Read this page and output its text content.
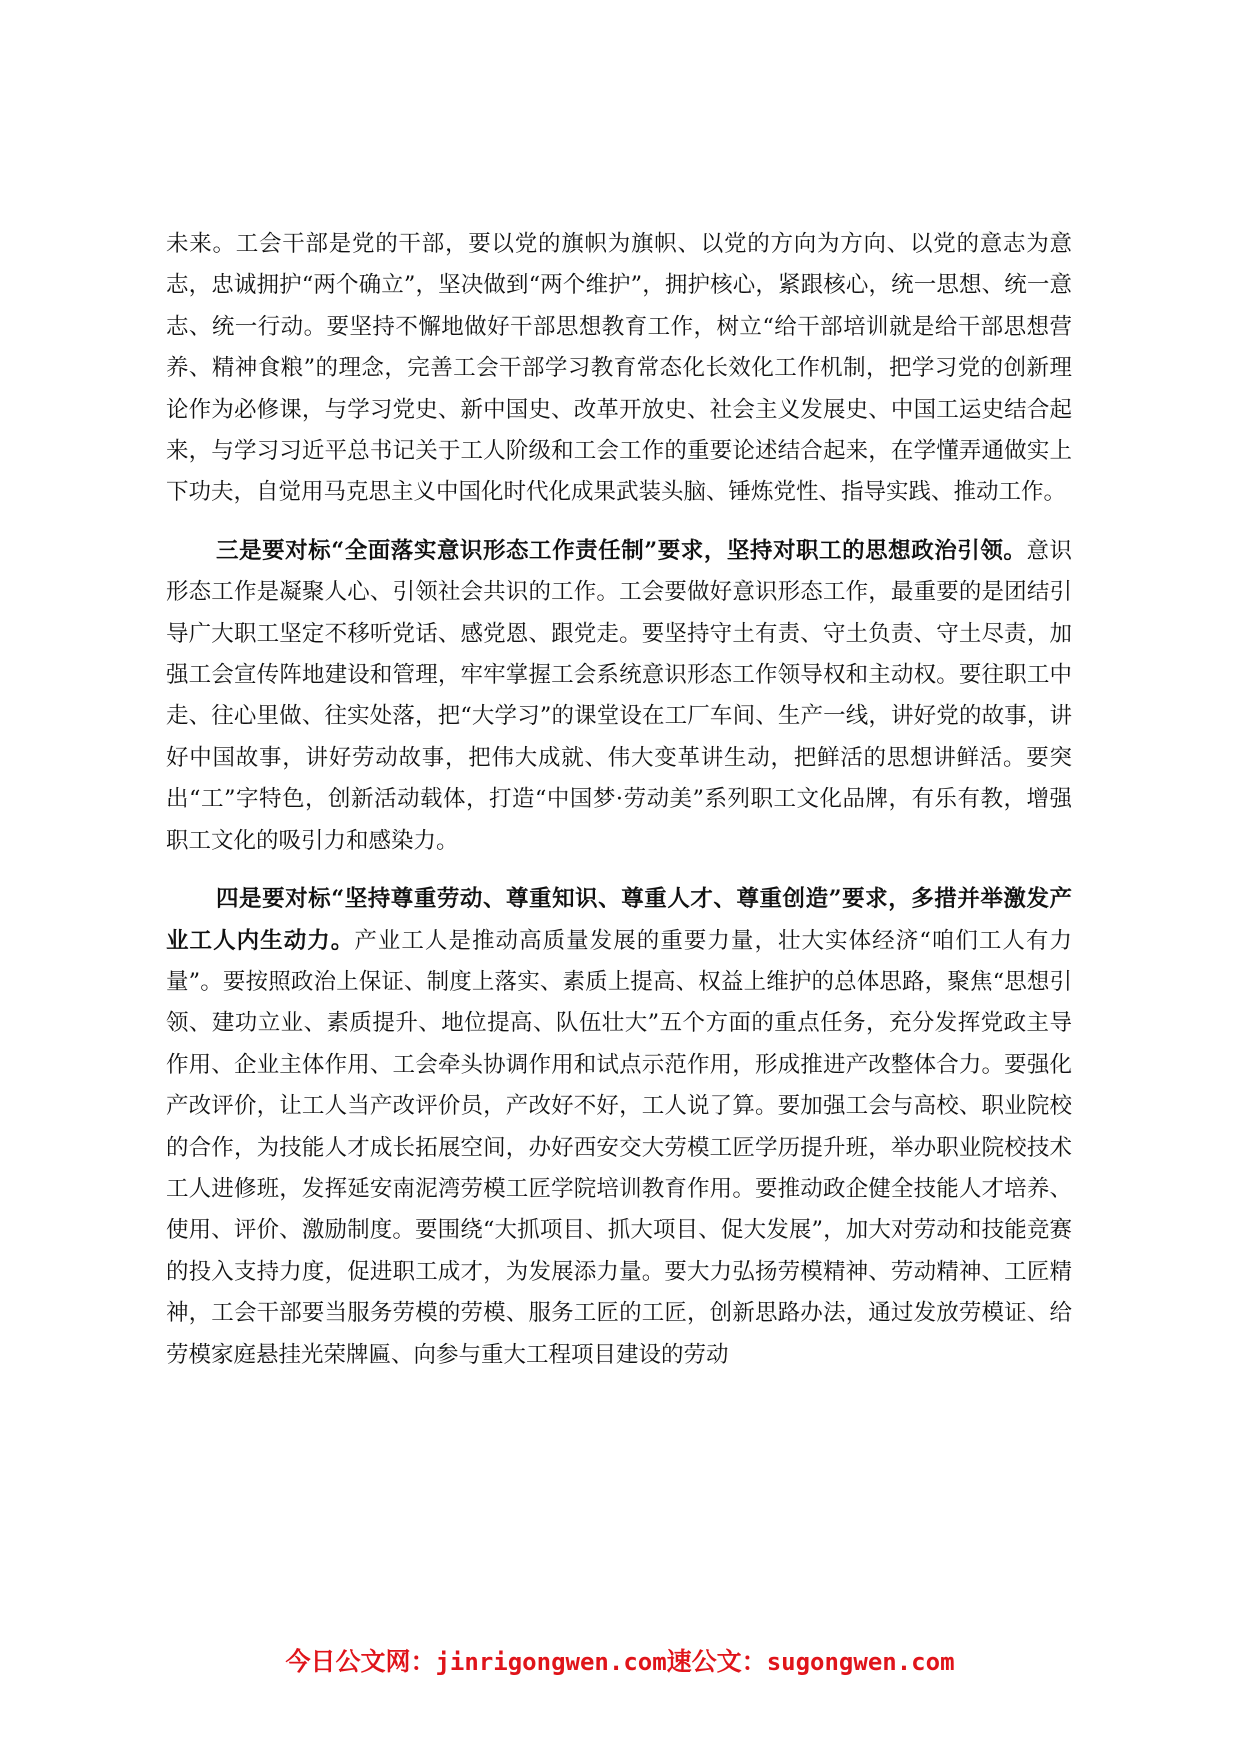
未来。工会干部是党的干部，要以党的旗帜为旗帜、以党的方向为方向、以党的意志为意志，忠诚拥护“两个确立”，坚决做到“两个维护”，拥护核心，紧跟核心，统一思想、统一意志、统一行动。要坚持不懈地做好干部思想教育工作，树立“给干部培训就是给干部思想营养、精神食粮”的理念，完善工会干部学习教育常态化长效化工作机制，把学习党的创新理论作为必修课，与学习党史、新中国史、改革开放史、社会主义发展史、中国工运史结合起来，与学习习近平总书记关于工人阶级和工会工作的重要论述结合起来，在学懂弄通做实上下功夫，自觉用马克思主义中国化时代化成果武装头脑、锤炼党性、指导实践、推动工作。

三是要对标“全面落实意识形态工作责任制”要求，坚持对职工的思想政治引领。意识形态工作是凝聚人心、引领社会共识的工作。工会要做好意识形态工作，最重要的是团结引导广大职工坚定不移听党话、感党恩、跟党走。要坚持守土有责、守土负责、守土尽责，加强工会宣传阵地建设和管理，牢牢掌握工会系统意识形态工作领导权和主动权。要往职工中走、往心里做、往实处落，把“大学习”的课堂设在工厂车间、生产一线，讲好党的故事，讲好中国故事，讲好劳动故事，把伟大成就、伟大变革讲生动，把鲜活的思想讲鲜活。要突出“工”字特色，创新活动载体，打造“中国梦·劳动美”系列职工文化品牌，有乐有教，增强职工文化的吸引力和感染力。

四是要对标“坚持尊重劳动、尊重知识、尊重人才、尊重创造”要求，多措并举激发产业工人内生动力。产业工人是推动高质量发展的重要力量，壮大实体经济“咱们工人有力量”。要按照政治上保证、制度上落实、素质上提高、权益上维护的总体思路，聚焦“思想引领、建功立业、素质提升、地位提高、队伍壮大”五个方面的重点任务，充分发挥党政主导作用、企业主体作用、工会牵头协调作用和试点示范作用，形成推进产改整体合力。要强化产改评价，让工人当产改评价员，产改好不好，工人说了算。要加强工会与高校、职业院校的合作，为技能人才成长拓展空间，办好西安交大劳模工匠学历提升班，举办职业院校技术工人进修班，发挥延安南泥湾劳模工匠学院培训教育作用。要推动政企健全技能人才培养、使用、评价、激励制度。要围绕“大抓项目、抓大项目、促大发展”，加大对劳动和技能竞赛的投入支持力度，促进职工成才，为发展添力量。要大力弘扬劳模精神、劳动精神、工匠精神，工会干部要当服务劳模的劳模、服务工匠的工匠，创新思路办法，通过发放劳模证、给劳模家庭悬挂光荣牌匾、向参与重大工程项目建设的劳动

今日公文网：jinrigongwen.com速公文：sugongwen.com
